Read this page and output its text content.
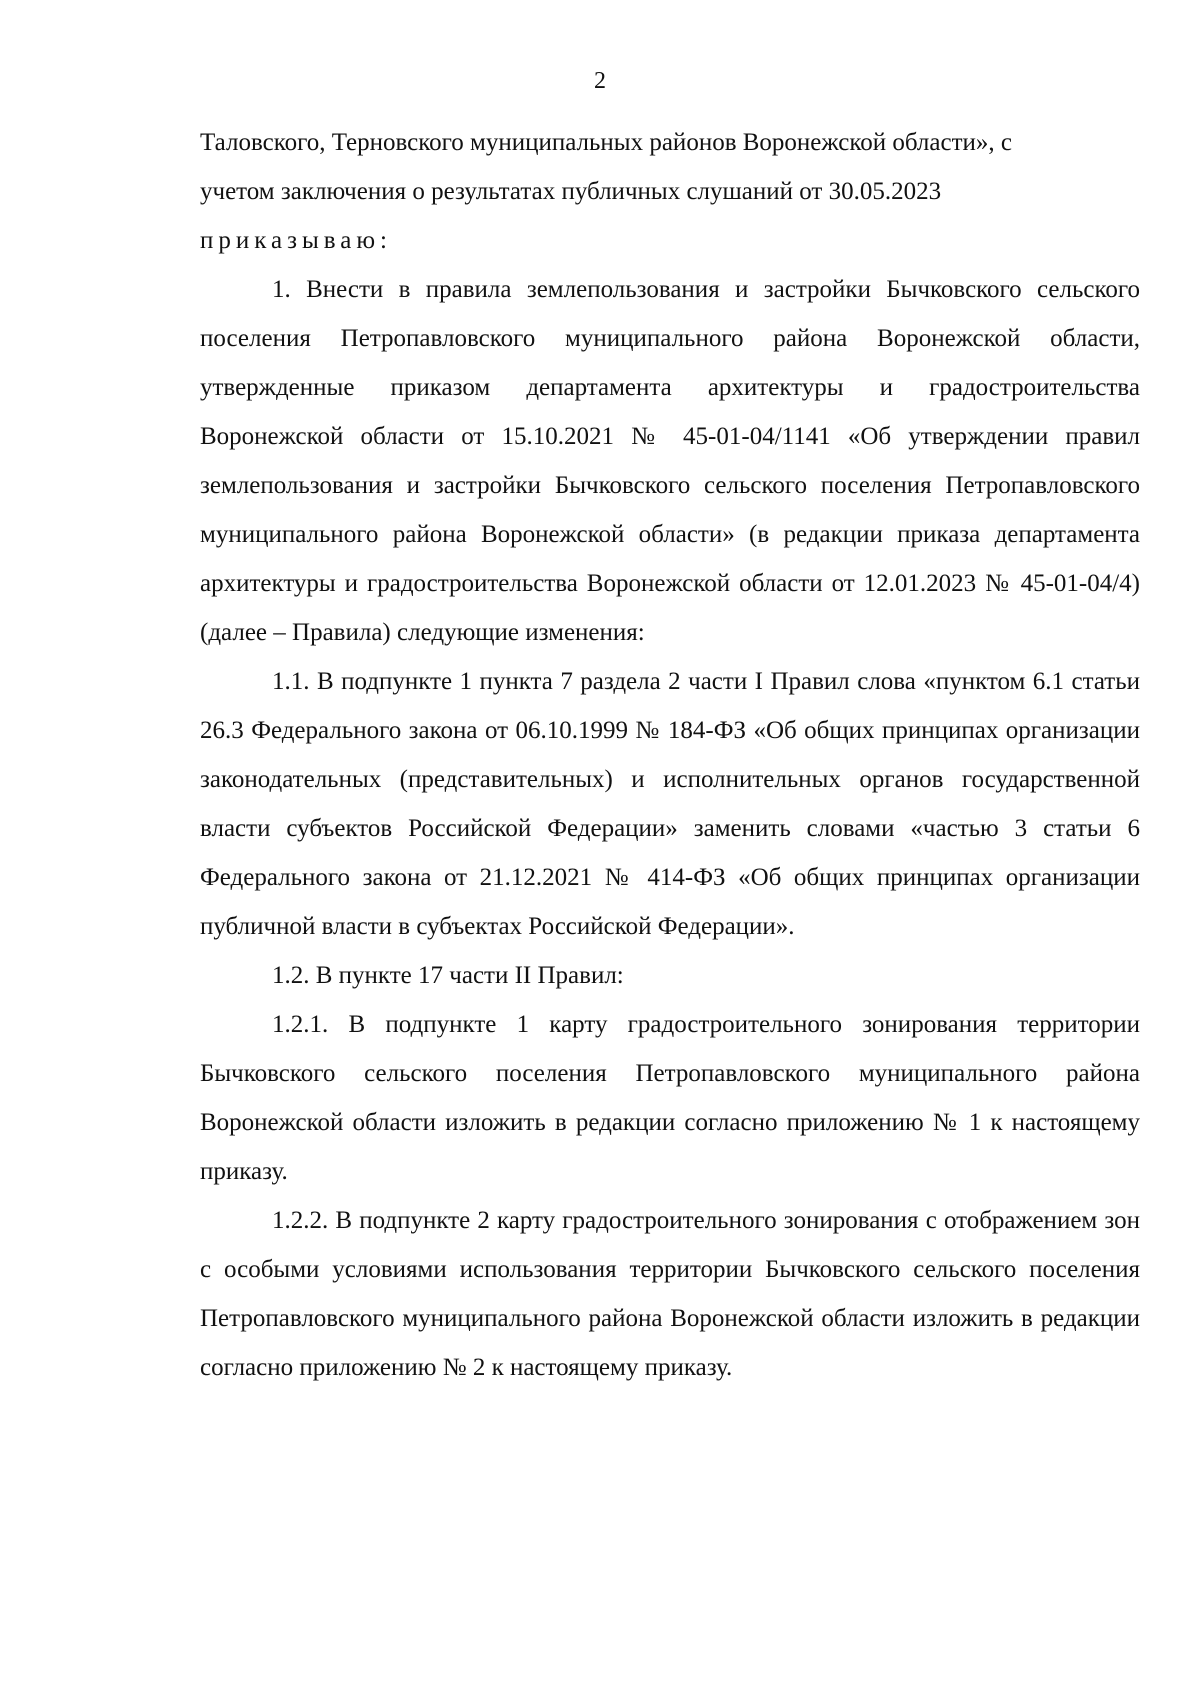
2

Таловского, Терновского муниципальных районов Воронежской области», с

учетом заключения о результатах публичных слушаний от 30.05.2023

приказываю:

1. Внести в правила землепользования и застройки Бычковского сельского поселения Петропавловского муниципального района Воронежской области, утвержденные приказом департамента архитектуры и градостроительства Воронежской области от 15.10.2021 № 45-01-04/1141 «Об утверждении правил землепользования и застройки Бычковского сельского поселения Петропавловского муниципального района Воронежской области» (в редакции приказа департамента архитектуры и градостроительства Воронежской области от 12.01.2023 № 45-01-04/4) (далее – Правила) следующие изменения:

1.1. В подпункте 1 пункта 7 раздела 2 части I Правил слова «пунктом 6.1 статьи 26.3 Федерального закона от 06.10.1999 № 184-ФЗ «Об общих принципах организации законодательных (представительных) и исполнительных органов государственной власти субъектов Российской Федерации» заменить словами «частью 3 статьи 6 Федерального закона от 21.12.2021 № 414-ФЗ «Об общих принципах организации публичной власти в субъектах Российской Федерации».

1.2. В пункте 17 части II Правил:

1.2.1. В подпункте 1 карту градостроительного зонирования территории Бычковского сельского поселения Петропавловского муниципального района Воронежской области изложить в редакции согласно приложению № 1 к настоящему приказу.

1.2.2. В подпункте 2 карту градостроительного зонирования с отображением зон с особыми условиями использования территории Бычковского сельского поселения Петропавловского муниципального района Воронежской области изложить в редакции согласно приложению № 2 к настоящему приказу.
